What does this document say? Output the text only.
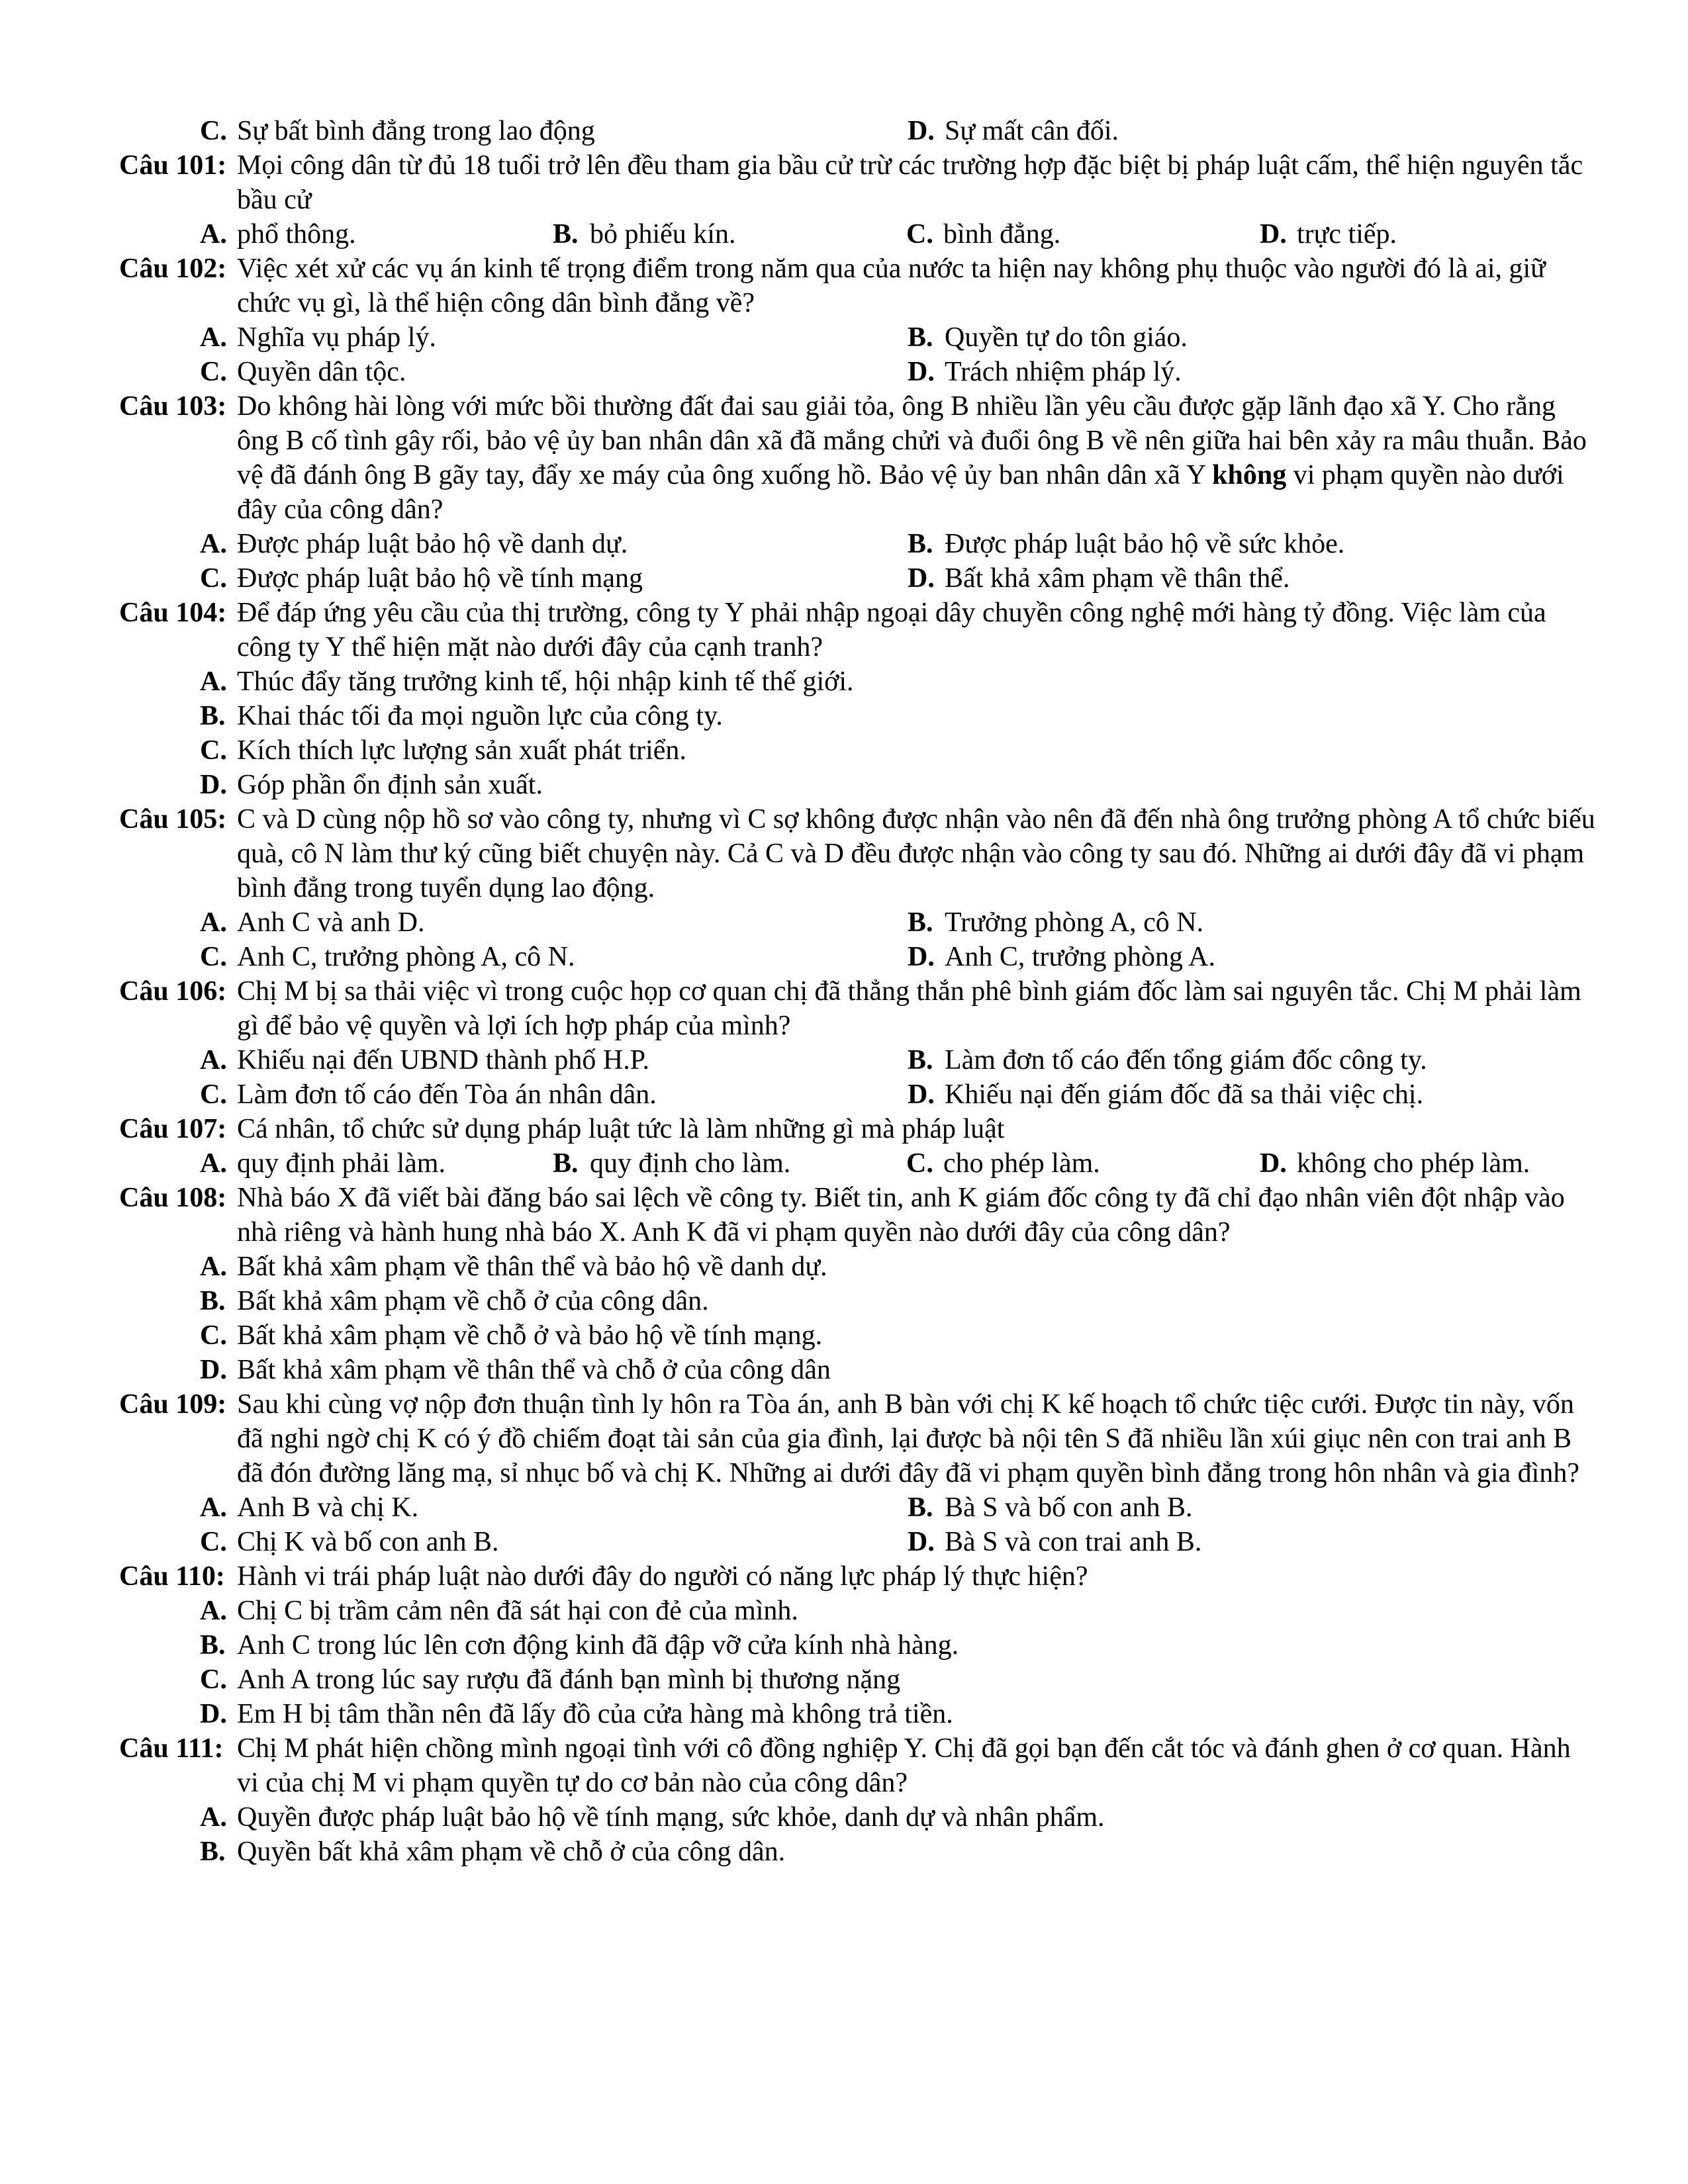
C. Sự bất bình đẳng trong lao động	D. Sự mất cân đối.
Câu 101: Mọi công dân từ đủ 18 tuổi trở lên đều tham gia bầu cử trừ các trường hợp đặc biệt bị pháp luật cấm, thể hiện nguyên tắc bầu cử
A. phổ thông.	B. bỏ phiếu kín.	C. bình đẳng.	D. trực tiếp.
Câu 102: Việc xét xử các vụ án kinh tế trọng điểm trong năm qua của nước ta hiện nay không phụ thuộc vào người đó là ai, giữ chức vụ gì, là thể hiện công dân bình đẳng về?
A. Nghĩa vụ pháp lý.	B. Quyền tự do tôn giáo.
C. Quyền dân tộc.	D. Trách nhiệm pháp lý.
Câu 103: Do không hài lòng với mức bồi thường đất đai sau giải tỏa, ông B nhiều lần yêu cầu được gặp lãnh đạo xã Y. Cho rằng ông B cố tình gây rối, bảo vệ ủy ban nhân dân xã đã mắng chửi và đuổi ông B về nên giữa hai bên xảy ra mâu thuẫn. Bảo vệ đã đánh ông B gãy tay, đẩy xe máy của ông xuống hồ. Bảo vệ ủy ban nhân dân xã Y không vi phạm quyền nào dưới đây của công dân?
A. Được pháp luật bảo hộ về danh dự.	B. Được pháp luật bảo hộ về sức khỏe.
C. Được pháp luật bảo hộ về tính mạng	D. Bất khả xâm phạm về thân thể.
Câu 104: Để đáp ứng yêu cầu của thị trường, công ty Y phải nhập ngoại dây chuyền công nghệ mới hàng tỷ đồng. Việc làm của công ty Y thể hiện mặt nào dưới đây của cạnh tranh?
A. Thúc đẩy tăng trưởng kinh tế, hội nhập kinh tế thế giới.
B. Khai thác tối đa mọi nguồn lực của công ty.
C. Kích thích lực lượng sản xuất phát triển.
D. Góp phần ổn định sản xuất.
Câu 105: C và D cùng nộp hồ sơ vào công ty, nhưng vì C sợ không được nhận vào nên đã đến nhà ông trưởng phòng A tổ chức biếu quà, cô N làm thư ký cũng biết chuyện này. Cả C và D đều được nhận vào công ty sau đó. Những ai dưới đây đã vi phạm bình đẳng trong tuyển dụng lao động.
A. Anh C và anh D.	B. Trưởng phòng A, cô N.
C. Anh C, trưởng phòng A, cô N.	D. Anh C, trưởng phòng A.
Câu 106: Chị M bị sa thải việc vì trong cuộc họp cơ quan chị đã thẳng thắn phê bình giám đốc làm sai nguyên tắc. Chị M phải làm gì để bảo vệ quyền và lợi ích hợp pháp của mình?
A. Khiếu nại đến UBND thành phố H.P.	B. Làm đơn tố cáo đến tổng giám đốc công ty.
C. Làm đơn tố cáo đến Tòa án nhân dân.	D. Khiếu nại đến giám đốc đã sa thải việc chị.
Câu 107: Cá nhân, tổ chức sử dụng pháp luật tức là làm những gì mà pháp luật
A. quy định phải làm.	B. quy định cho làm.	C. cho phép làm.	D. không cho phép làm.
Câu 108: Nhà báo X đã viết bài đăng báo sai lệch về công ty. Biết tin, anh K giám đốc công ty đã chỉ đạo nhân viên đột nhập vào nhà riêng và hành hung nhà báo X. Anh K đã vi phạm quyền nào dưới đây của công dân?
A. Bất khả xâm phạm về thân thể và bảo hộ về danh dự.
B. Bất khả xâm phạm về chỗ ở của công dân.
C. Bất khả xâm phạm về chỗ ở và bảo hộ về tính mạng.
D. Bất khả xâm phạm về thân thể và chỗ ở của công dân
Câu 109: Sau khi cùng vợ nộp đơn thuận tình ly hôn ra Tòa án, anh B bàn với chị K kế hoạch tổ chức tiệc cưới. Được tin này, vốn đã nghi ngờ chị K có ý đồ chiếm đoạt tài sản của gia đình, lại được bà nội tên S đã nhiều lần xúi giục nên con trai anh B đã đón đường lăng mạ, sỉ nhục bố và chị K. Những ai dưới đây đã vi phạm quyền bình đẳng trong hôn nhân và gia đình?
A. Anh B và chị K.	B. Bà S và bố con anh B.
C. Chị K và bố con anh B.	D. Bà S và con trai anh B.
Câu 110: Hành vi trái pháp luật nào dưới đây do người có năng lực pháp lý thực hiện?
A. Chị C bị trầm cảm nên đã sát hại con đẻ của mình.
B. Anh C trong lúc lên cơn động kinh đã đập vỡ cửa kính nhà hàng.
C. Anh A trong lúc say rượu đã đánh bạn mình bị thương nặng
D. Em H bị tâm thần nên đã lấy đồ của cửa hàng mà không trả tiền.
Câu 111: Chị M phát hiện chồng mình ngoại tình với cô đồng nghiệp Y. Chị đã gọi bạn đến cắt tóc và đánh ghen ở cơ quan. Hành vi của chị M vi phạm quyền tự do cơ bản nào của công dân?
A. Quyền được pháp luật bảo hộ về tính mạng, sức khỏe, danh dự và nhân phẩm.
B. Quyền bất khả xâm phạm về chỗ ở của công dân.
